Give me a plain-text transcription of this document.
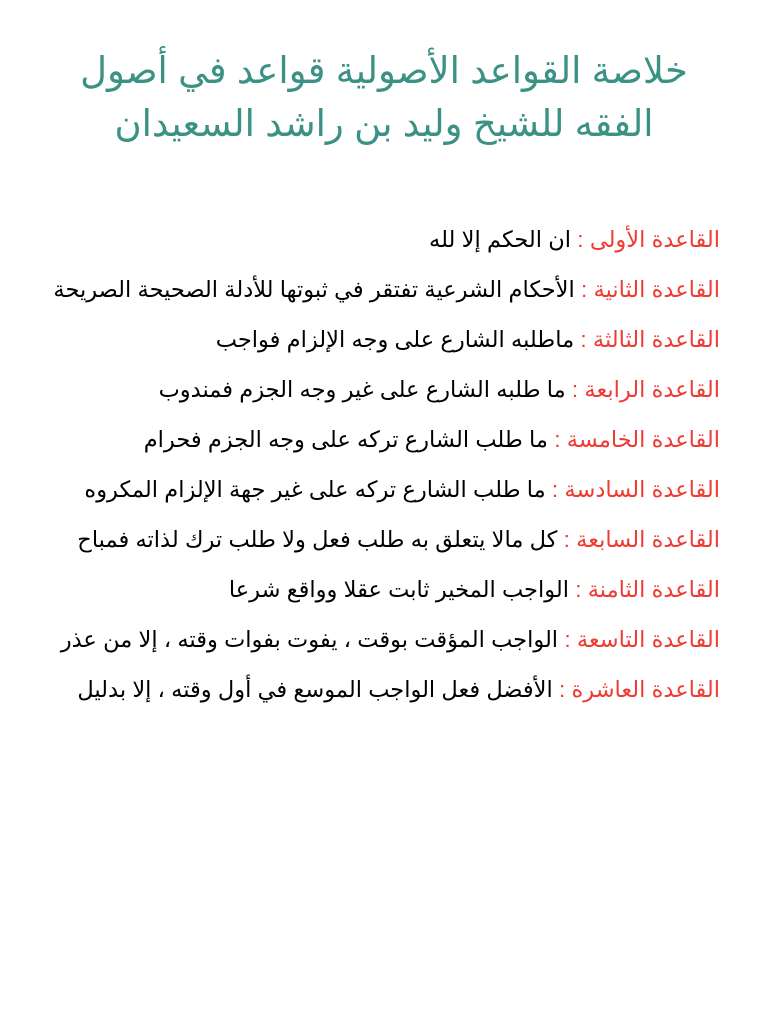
خلاصة القواعد الأصولية قواعد في أصول الفقه للشيخ وليد بن راشد السعيدان
القاعدة الأولى : ان الحكم إلا لله
القاعدة الثانية : الأحكام الشرعية تفتقر في ثبوتها للأدلة الصحيحة الصريحة
القاعدة الثالثة : ماطلبه الشارع على وجه الإلزام فواجب
القاعدة الرابعة : ما طلبه الشارع على غير وجه الجزم فمندوب
القاعدة الخامسة : ما طلب الشارع تركه على وجه الجزم فحرام
القاعدة السادسة : ما طلب الشارع تركه على غير جهة الإلزام المكروه
القاعدة السابعة : كل مالا يتعلق به طلب فعل ولا طلب ترك لذاته فمباح
القاعدة الثامنة : الواجب المخير ثابت عقلا وواقع شرعا
القاعدة التاسعة : الواجب المؤقت بوقت ، يفوت بفوات وقته ، إلا من عذر
القاعدة العاشرة : الأفضل فعل الواجب الموسع في أول وقته ، إلا بدليل
